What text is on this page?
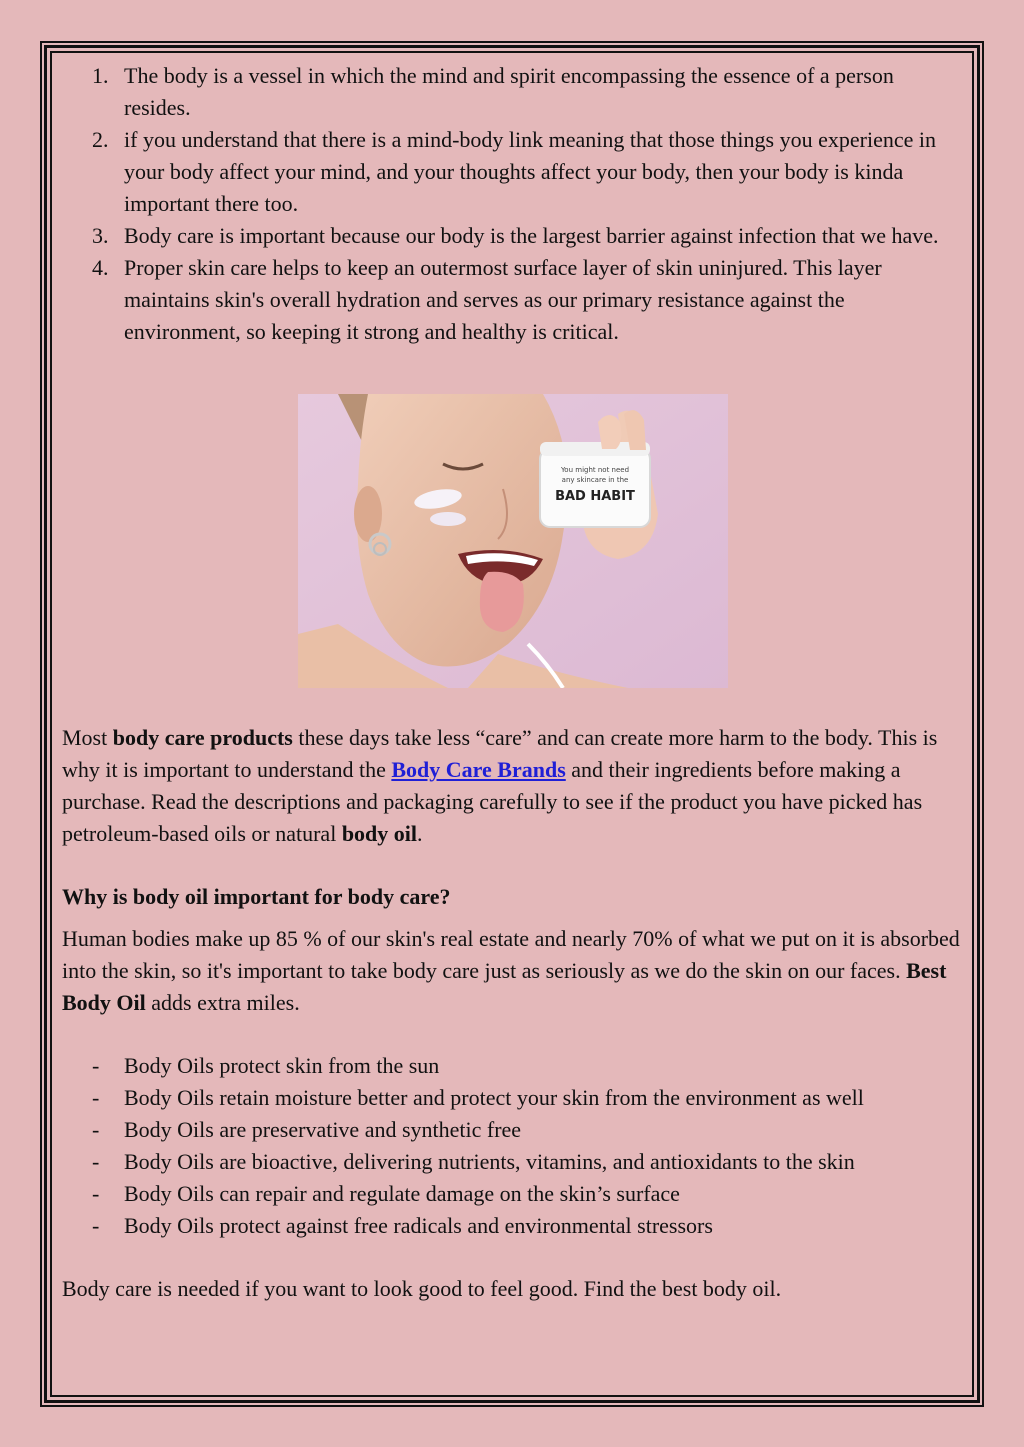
1. The body is a vessel in which the mind and spirit encompassing the essence of a person resides.
2. if you understand that there is a mind-body link meaning that those things you experience in your body affect your mind, and your thoughts affect your body, then your body is kinda important there too.
3. Body care is important because our body is the largest barrier against infection that we have.
4. Proper skin care helps to keep an outermost surface layer of skin uninjured. This layer maintains skin's overall hydration and serves as our primary resistance against the environment, so keeping it strong and healthy is critical.
You might not need
any skincare in the
BAD HABIT

Most body care products these days take less “care” and can create more harm to the body. This is why it is important to understand the Body Care Brands and their ingredients before making a purchase. Read the descriptions and packaging carefully to see if the product you have picked has petroleum-based oils or natural body oil.

Why is body oil important for body care?

Human bodies make up 85 % of our skin's real estate and nearly 70% of what we put on it is absorbed into the skin, so it's important to take body care just as seriously as we do the skin on our faces. Best Body Oil adds extra miles.

- Body Oils protect skin from the sun
- Body Oils retain moisture better and protect your skin from the environment as well
- Body Oils are preservative and synthetic free
- Body Oils are bioactive, delivering nutrients, vitamins, and antioxidants to the skin
- Body Oils can repair and regulate damage on the skin’s surface
- Body Oils protect against free radicals and environmental stressors

Body care is needed if you want to look good to feel good. Find the best body oil.
